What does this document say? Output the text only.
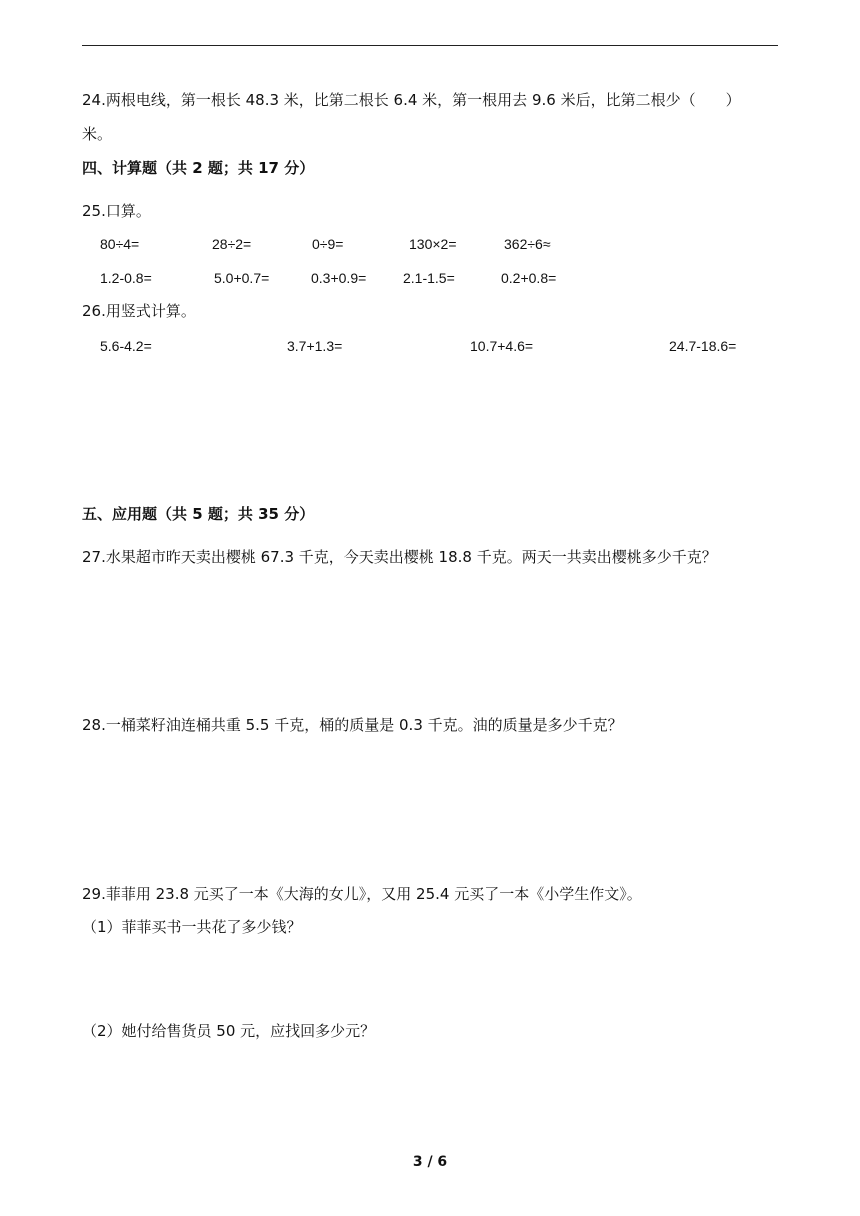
24.两根电线，第一根长 48.3 米，比第二根长 6.4 米，第一根用去 9.6 米后，比第二根少（　　）
米。
四、计算题（共 2 题；共 17 分）
25.口算。
80÷4=	28÷2=	0÷9=	130×2=	362÷6≈
1.2-0.8=	5.0+0.7=	0.3+0.9=	2.1-1.5=	0.2+0.8=
26.用竖式计算。
5.6-4.2=	3.7+1.3=	10.7+4.6=	24.7-18.6=
五、应用题（共 5 题；共 35 分）
27.水果超市昨天卖出樱桃 67.3 千克，今天卖出樱桃 18.8 千克。两天一共卖出樱桃多少千克？
28.一桶菜籽油连桶共重 5.5 千克，桶的质量是 0.3 千克。油的质量是多少千克？
29.菲菲用 23.8 元买了一本《大海的女儿》，又用 25.4 元买了一本《小学生作文》。
（1）菲菲买书一共花了多少钱？
（2）她付给售货员 50 元，应找回多少元？
3 / 6
